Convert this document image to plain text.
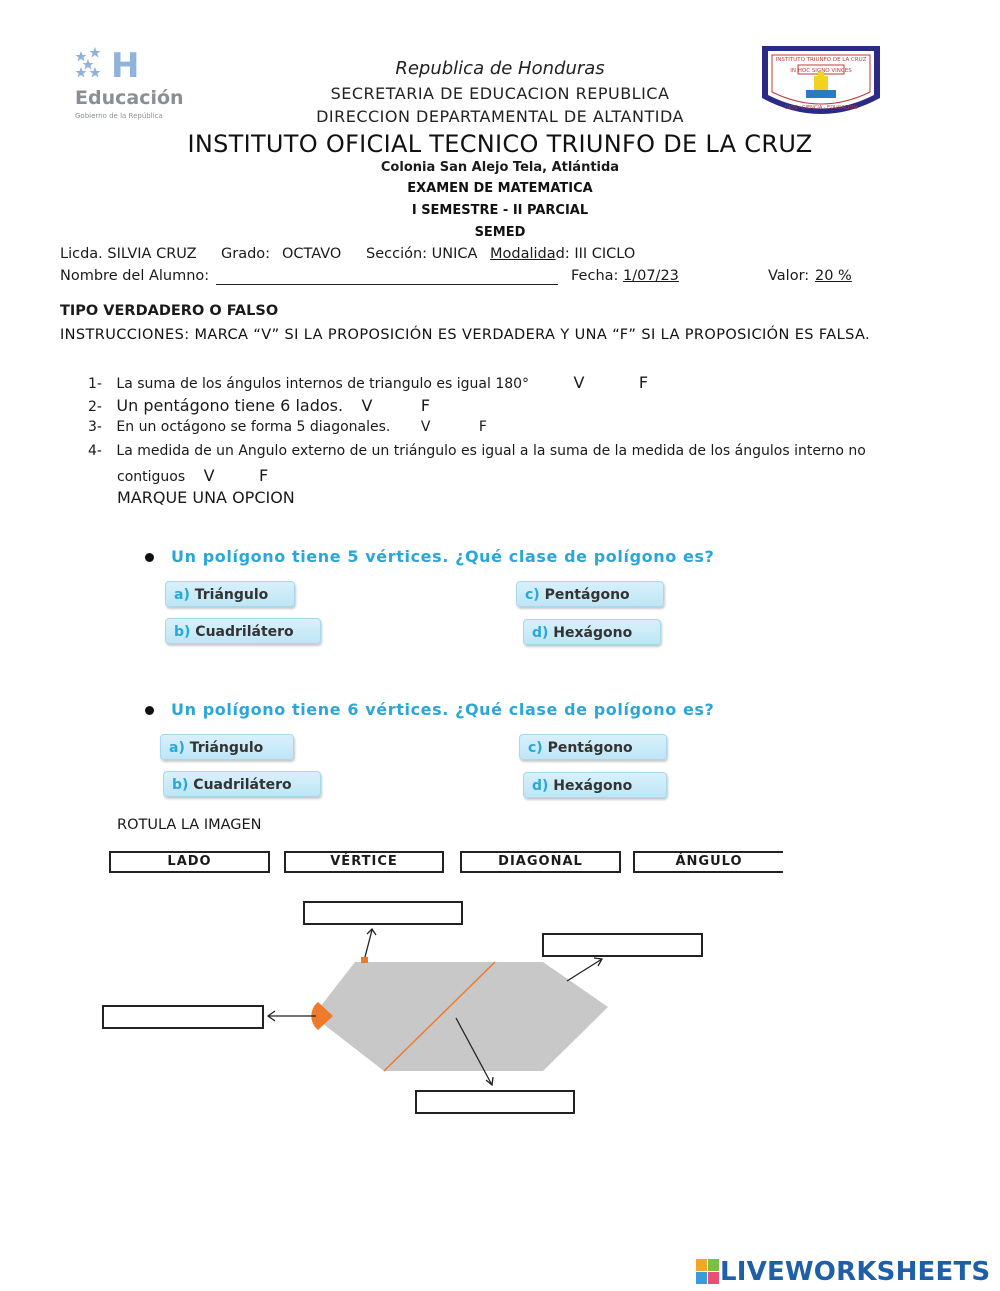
H
Educación
Gobierno de la República
INSTITUTO TRIUNFO DE LA CRUZ
IN HOC SIGNO VINCES
DIOS · CIENCIA · EDUCACION
Republica de Honduras
SECRETARIA DE EDUCACION REPUBLICA
DIRECCION DEPARTAMENTAL DE ALTANTIDA
INSTITUTO OFICIAL TECNICO TRIUNFO DE LA CRUZ
Colonia San Alejo Tela, Atlántida
EXAMEN DE MATEMATICA
I SEMESTRE - II PARCIAL
SEMED
Licda. SILVIA CRUZ Grado: OCTAVO Sección: UNICA Modalidad: III CICLO
Nombre del Alumno:	Fecha: 1/07/23	Valor: 20 %
TIPO VERDADERO O FALSO
INSTRUCCIONES: MARCA “V” SI LA PROPOSICIÓN ES VERDADERA Y UNA “F” SI LA PROPOSICIÓN ES FALSA.
1- La suma de los ángulos internos de triangulo es igual 180°	V	F
2- Un pentágono tiene 6 lados. V	F
3- En un octágono se forma 5 diagonales. V	F
4- La medida de un Angulo externo de un triángulo es igual a la suma de la medida de los ángulos interno no
contiguos V	F
MARQUE UNA OPCION
Un polígono tiene 5 vértices. ¿Qué clase de polígono es?
a) Triángulo
b) Cuadrilátero
c) Pentágono
d) Hexágono
Un polígono tiene 6 vértices. ¿Qué clase de polígono es?
a) Triángulo
b) Cuadrilátero
c) Pentágono
d) Hexágono
ROTULA LA IMAGEN
LADO	VÉRTICE	DIAGONAL	ÁNGULO
LIVEWORKSHEETS
